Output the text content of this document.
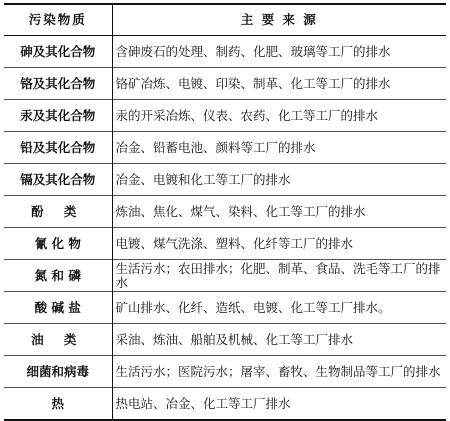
污染物质	主 要 来 源
砷及其化合物	含砷废石的处理、制药、化肥、玻璃等工厂的排水
铬及其化合物	铬矿冶炼、电镀、印染、制革、化工等工厂的排水
汞及其化合物	汞的开采冶炼、仪表、农药、化工等工厂的排水
铅及其化合物	冶金、铅蓄电池、颜料等工厂的排水
镉及其化合物	冶金、电镀和化工等工厂的排水
酚 类	炼油、焦化、煤气、染料、化工等工厂的排水
氰 化 物	电镀、煤气洗涤、塑料、化纤等工厂的排水
氮 和 磷	生活污水；农田排水；化肥、制革、食品、洗毛等工厂的排水
酸 碱 盐	矿山排水、化纤、造纸、电镀、化工等工厂排水。
油 类	采油、炼油、船舶及机械、化工等工厂排水
细菌和病毒	生活污水；医院污水；屠宰、畜牧、生物制品等工厂的排水
热	热电站、冶金、化工等工厂排水
